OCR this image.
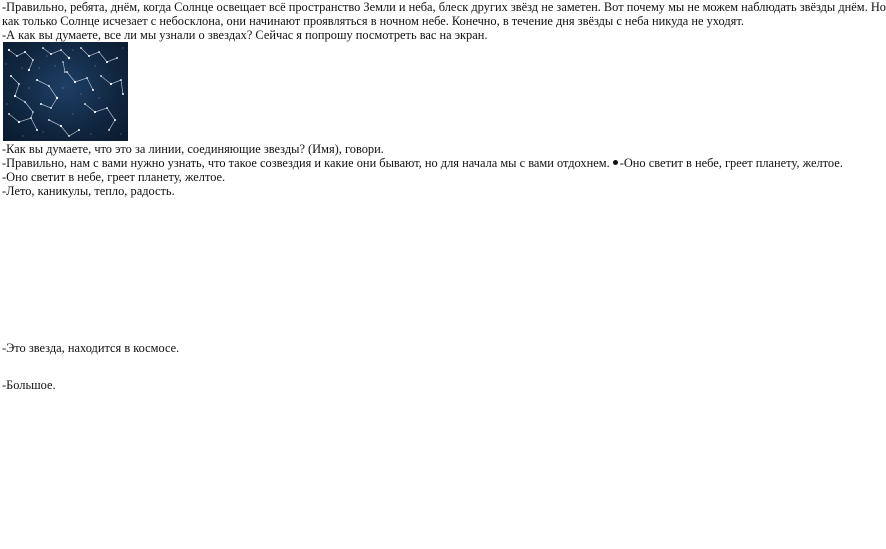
-Правильно, ребята, днём, когда Солнце освещает всё пространство Земли и неба, блеск других звёзд не заметен. Вот почему мы не можем наблюдать звёзды днём. Но
как только Солнце исчезает с небосклона, они начинают проявляться в ночном небе. Конечно, в течение дня звёзды с неба никуда не уходят.
-А как вы думаете, все ли мы узнали о звездах? Сейчас я попрошу посмотреть вас на экран.
-Как вы думаете, что это за линии, соединяющие звезды? (Имя), говори.
-Правильно, нам с вами нужно узнать, что такое созвездия и какие они бывают, но для начала мы с вами отдохнем. -Оно светит в небе, греет планету, желтое.
-Оно светит в небе, греет планету, желтое.
-Лето, каникулы, тепло, радость.
-Это звезда, находится в космосе.
-Большое.
